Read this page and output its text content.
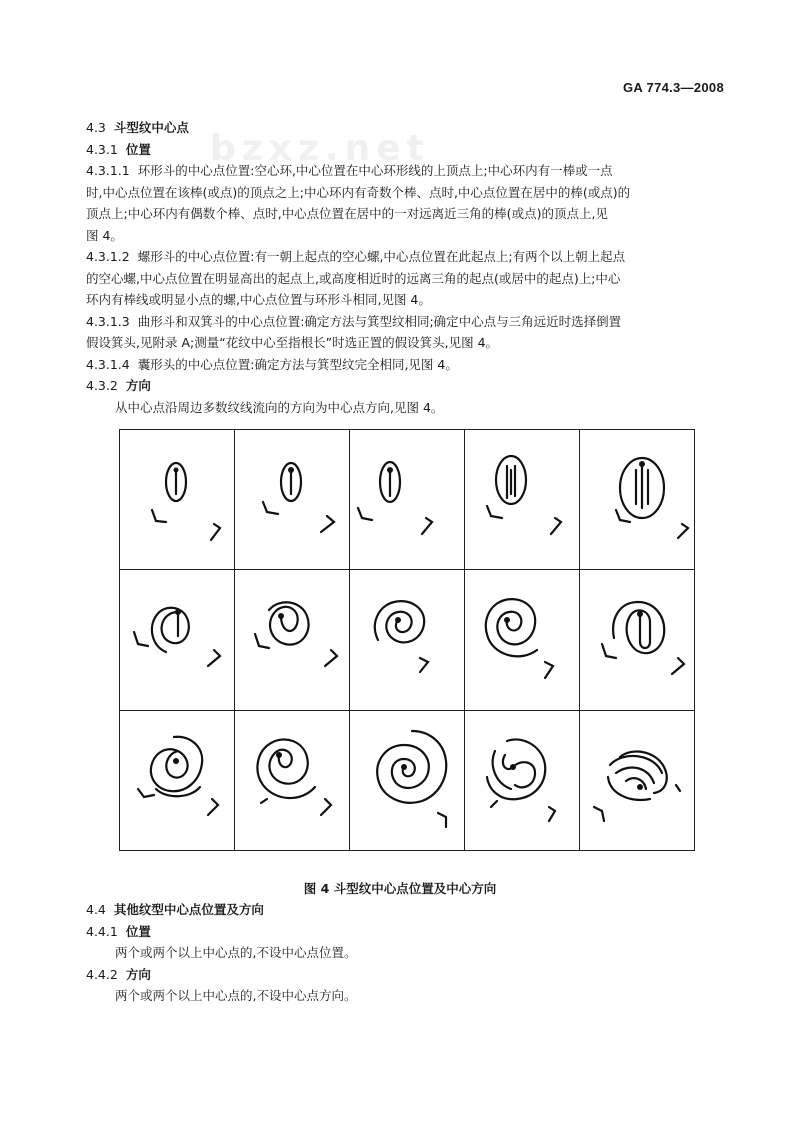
GA 774.3—2008
bzxz.net

4.3 斗型纹中心点

4.3.1 位置

4.3.1.1 环形斗的中心点位置:空心环,中心位置在中心环形线的上顶点上;中心环内有一棒或一点

时,中心点位置在该棒(或点)的顶点之上;中心环内有奇数个棒、点时,中心点位置在居中的棒(或点)的

顶点上;中心环内有偶数个棒、点时,中心点位置在居中的一对远离近三角的棒(或点)的顶点上,见

图 4。

4.3.1.2 螺形斗的中心点位置:有一朝上起点的空心螺,中心点位置在此起点上;有两个以上朝上起点

的空心螺,中心点位置在明显高出的起点上,或高度相近时的远离三角的起点(或居中的起点)上;中心

环内有棒线或明显小点的螺,中心点位置与环形斗相同,见图 4。

4.3.1.3 曲形斗和双箕斗的中心点位置:确定方法与箕型纹相同;确定中心点与三角远近时选择倒置

假设箕头,见附录 A;测量“花纹中心至指根长”时选正置的假设箕头,见图 4。

4.3.1.4 囊形头的中心点位置:确定方法与箕型纹完全相同,见图 4。

4.3.2 方向

从中心点沿周边多数纹线流向的方向为中心点方向,见图 4。

图 4 斗型纹中心点位置及中心方向

4.4 其他纹型中心点位置及方向

4.4.1 位置

两个或两个以上中心点的,不设中心点位置。

4.4.2 方向

两个或两个以上中心点的,不设中心点方向。
